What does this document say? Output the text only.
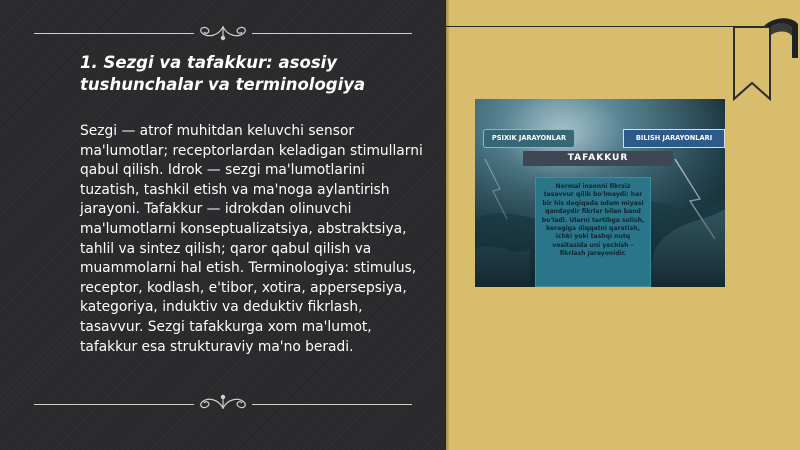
1. Sezgi va tafakkur: asosiy tushunchalar va terminologiya

Sezgi — atrof muhitdan keluvchi sensor ma'lumotlar; receptorlardan keladigan stimullarni qabul qilish. Idrok — sezgi ma'lumotlarini tuzatish, tashkil etish va ma'noga aylantirish jarayoni. Tafakkur — idrokdan olinuvchi ma'lumotlarni konseptualizatsiya, abstraktsiya, tahlil va sintez qilish; qaror qabul qilish va muammolarni hal etish. Terminologiya: stimulus, receptor, kodlash, e'tibor, xotira, appersepsiya, kategoriya, induktiv va deduktiv fikrlash, tasavvur. Sezgi tafakkurga xom ma'lumot, tafakkur esa strukturaviy ma'no beradi.

PSIXIK JARAYONLAR	BILISH JARAYONLARI
TAFAKKUR
Normal insonni fikrsiz tasavvur qilib bo'lmaydi: har bir his deqiqada odam miyasi qandaydir fikrlar bilan band bo'ladi. Ularni tartibga solish, keragiga diqqatni qaratish, ichki yoki tashqi nutq vositasida uni yechish – fikrlash jarayonidir.
